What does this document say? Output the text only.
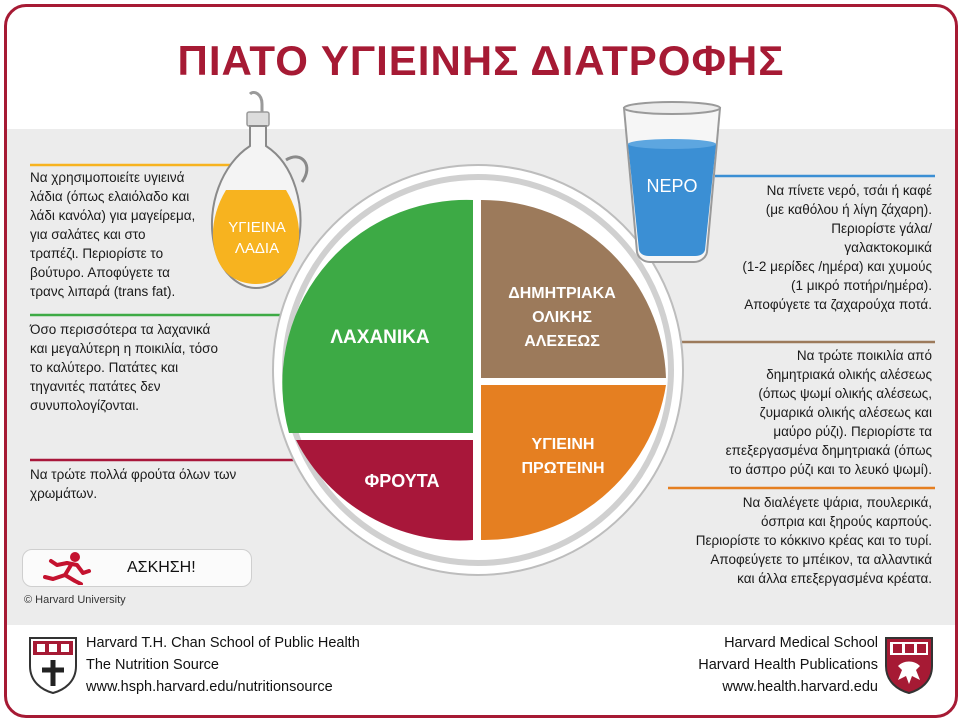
ΠΙΑΤΟ ΥΓΙΕΙΝΗΣ ΔΙΑΤΡΟΦΗΣ
ΛΑΧΑΝΙΚΑ
ΦΡΟΥΤΑ
ΔΗΜΗΤΡΙΑΚΑ
ΟΛΙΚΗΣ
ΑΛΕΣΕΩΣ
ΥΓΙΕΙΝΗ
ΠΡΩΤΕΙΝΗ
ΥΓΙΕΙΝΑ
ΛΑΔΙΑ
ΝΕΡΟ
Να χρησιμοποιείτε υγιεινά
λάδια (όπως ελαιόλαδο και
λάδι κανόλα) για μαγείρεμα,
για σαλάτες και στο
τραπέζι. Περιορίστε το
βούτυρο. Αποφύγετε τα
τρανς λιπαρά (trans fat).
Όσο περισσότερα τα λαχανικά
και μεγαλύτερη η ποικιλία, τόσο
το καλύτερο. Πατάτες και
τηγανιτές πατάτες δεν
συνυπολογίζονται.
Να τρώτε πολλά φρούτα όλων των
χρωμάτων.
Να πίνετε νερό, τσάι ή καφέ
(με καθόλου ή λίγη ζάχαρη).
Περιορίστε γάλα/
γαλακτοκομικά
(1-2 μερίδες /ημέρα) και χυμούς
(1 μικρό ποτήρι/ημέρα).
Αποφύγετε τα ζαχαρούχα ποτά.
Να τρώτε ποικιλία από
δημητριακά ολικής αλέσεως
(όπως ψωμί ολικής αλέσεως,
ζυμαρικά ολικής αλέσεως και
μαύρο ρύζι). Περιορίστε τα
επεξεργασμένα δημητριακά (όπως
το άσπρο ρύζι και το λευκό ψωμί).
Να διαλέγετε ψάρια, πουλερικά,
όσπρια και ξηρούς καρπούς.
Περιορίστε το κόκκινο κρέας και το τυρί.
Αποφεύγετε το μπέικον, τα αλλαντικά
και άλλα επεξεργασμένα κρέατα.
ΑΣΚΗΣΗ!
© Harvard University
Harvard T.H. Chan School of Public Health
The Nutrition Source
www.hsph.harvard.edu/nutritionsource
Harvard Medical School
Harvard Health Publications
www.health.harvard.edu
